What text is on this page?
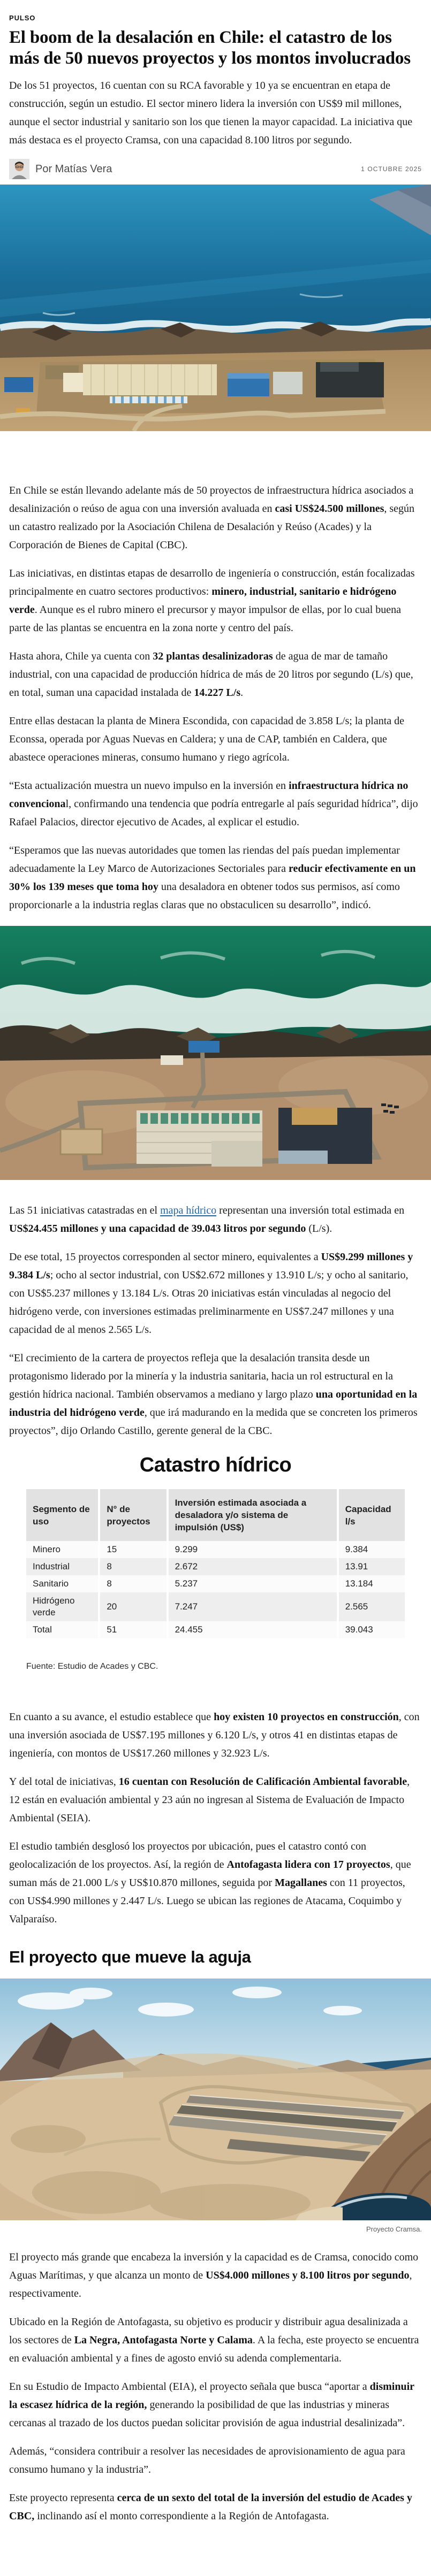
PULSO
El boom de la desalación en Chile: el catastro de los más de 50 nuevos proyectos y los montos involucrados

De los 51 proyectos, 16 cuentan con su RCA favorable y 10 ya se encuentran en etapa de construcción, según un estudio. El sector minero lidera la inversión con US$9 mil millones, aunque el sector industrial y sanitario son los que tienen la mayor capacidad. La iniciativa que más destaca es el proyecto Cramsa, con una capacidad 8.100 litros por segundo.

Por Matías Vera	1 OCTUBRE 2025

En Chile se están llevando adelante más de 50 proyectos de infraestructura hídrica asociados a desalinización o reúso de agua con una inversión avaluada en casi US$24.500 millones, según un catastro realizado por la Asociación Chilena de Desalación y Reúso (Acades) y la Corporación de Bienes de Capital (CBC).

Las iniciativas, en distintas etapas de desarrollo de ingeniería o construcción, están focalizadas principalmente en cuatro sectores productivos: minero, industrial, sanitario e hidrógeno verde. Aunque es el rubro minero el precursor y mayor impulsor de ellas, por lo cual buena parte de las plantas se encuentra en la zona norte y centro del país.

Hasta ahora, Chile ya cuenta con 32 plantas desalinizadoras de agua de mar de tamaño industrial, con una capacidad de producción hídrica de más de 20 litros por segundo (L/s) que, en total, suman una capacidad instalada de 14.227 L/s.

Entre ellas destacan la planta de Minera Escondida, con capacidad de 3.858 L/s; la planta de Econssa, operada por Aguas Nuevas en Caldera; y una de CAP, también en Caldera, que abastece operaciones mineras, consumo humano y riego agrícola.

“Esta actualización muestra un nuevo impulso en la inversión en infraestructura hídrica no convencional, confirmando una tendencia que podría entregarle al país seguridad hídrica”, dijo Rafael Palacios, director ejecutivo de Acades, al explicar el estudio.

“Esperamos que las nuevas autoridades que tomen las riendas del país puedan implementar adecuadamente la Ley Marco de Autorizaciones Sectoriales para reducir efectivamente en un 30% los 139 meses que toma hoy una desaladora en obtener todos sus permisos, así como proporcionarle a la industria reglas claras que no obstaculicen su desarrollo”, indicó.

Las 51 iniciativas catastradas en el mapa hídrico representan una inversión total estimada en US$24.455 millones y una capacidad de 39.043 litros por segundo (L/s).

De ese total, 15 proyectos corresponden al sector minero, equivalentes a US$9.299 millones y 9.384 L/s; ocho al sector industrial, con US$2.672 millones y 13.910 L/s; y ocho al sanitario, con US$5.237 millones y 13.184 L/s. Otras 20 iniciativas están vinculadas al negocio del hidrógeno verde, con inversiones estimadas preliminarmente en US$7.247 millones y una capacidad de al menos 2.565 L/s.

“El crecimiento de la cartera de proyectos refleja que la desalación transita desde un protagonismo liderado por la minería y la industria sanitaria, hacia un rol estructural en la gestión hídrica nacional. También observamos a mediano y largo plazo una oportunidad en la industria del hidrógeno verde, que irá madurando en la medida que se concreten los primeros proyectos”, dijo Orlando Castillo, gerente general de la CBC.

Catastro hídrico
Segmento de uso	N° de proyectos	Inversión estimada asociada a desaladora y/o sistema de impulsión (US$)	Capacidad l/s
Minero	15	9.299	9.384
Industrial	8	2.672	13.91
Sanitario	8	5.237	13.184
Hidrógeno verde	20	7.247	2.565
Total	51	24.455	39.043

Fuente: Estudio de Acades y CBC.

En cuanto a su avance, el estudio establece que hoy existen 10 proyectos en construcción, con una inversión asociada de US$7.195 millones y 6.120 L/s, y otros 41 en distintas etapas de ingeniería, con montos de US$17.260 millones y 32.923 L/s.

Y del total de iniciativas, 16 cuentan con Resolución de Calificación Ambiental favorable, 12 están en evaluación ambiental y 23 aún no ingresan al Sistema de Evaluación de Impacto Ambiental (SEIA).

El estudio también desglosó los proyectos por ubicación, pues el catastro contó con geolocalización de los proyectos. Así, la región de Antofagasta lidera con 17 proyectos, que suman más de 21.000 L/s y US$10.870 millones, seguida por Magallanes con 11 proyectos, con US$4.990 millones y 2.447 L/s. Luego se ubican las regiones de Atacama, Coquimbo y Valparaíso.

El proyecto que mueve la aguja
Proyecto Cramsa.

El proyecto más grande que encabeza la inversión y la capacidad es de Cramsa, conocido como Aguas Marítimas, y que alcanza un monto de US$4.000 millones y 8.100 litros por segundo, respectivamente.

Ubicado en la Región de Antofagasta, su objetivo es producir y distribuir agua desalinizada a los sectores de La Negra, Antofagasta Norte y Calama. A la fecha, este proyecto se encuentra en evaluación ambiental y a fines de agosto envió su adenda complementaria.

En su Estudio de Impacto Ambiental (EIA), el proyecto señala que busca “aportar a disminuir la escasez hídrica de la región, generando la posibilidad de que las industrias y mineras cercanas al trazado de los ductos puedan solicitar provisión de agua industrial desalinizada”.

Además, “considera contribuir a resolver las necesidades de aprovisionamiento de agua para consumo humano y la industria”.

Este proyecto representa cerca de un sexto del total de la inversión del estudio de Acades y CBC, inclinando así el monto correspondiente a la Región de Antofagasta.
